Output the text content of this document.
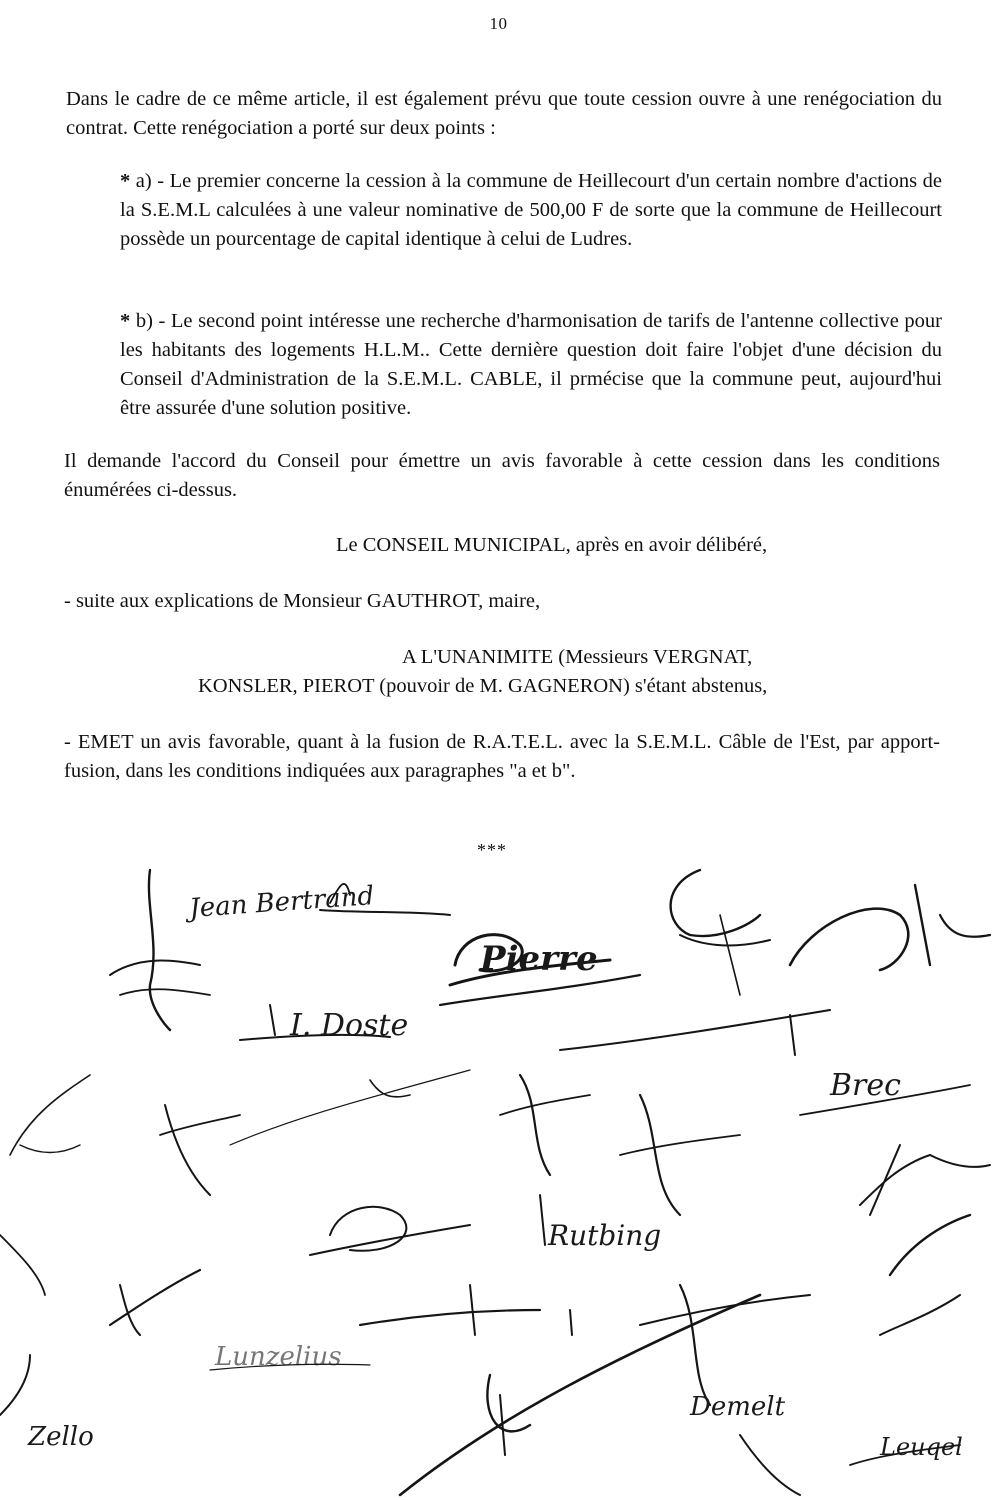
10

Dans le cadre de ce même article, il est également prévu que toute cession ouvre à une renégociation du contrat. Cette renégociation a porté sur deux points :

* a) - Le premier concerne la cession à la commune de Heillecourt d'un certain nombre d'actions de la S.E.M.L calculées à une valeur nominative de 500,00 F de sorte que la commune de Heillecourt possède un pourcentage de capital identique à celui de Ludres.

* b) - Le second point intéresse une recherche d'harmonisation de tarifs de l'antenne collective pour les habitants des logements H.L.M.. Cette dernière question doit faire l'objet d'une décision du Conseil d'Administration de la S.E.M.L. CABLE, il prmécise que la commune peut, aujourd'hui être assurée d'une solution positive.

Il demande l'accord du Conseil pour émettre un avis favorable à cette cession dans les conditions énumérées ci-dessus.

Le CONSEIL MUNICIPAL, après en avoir délibéré,
- suite aux explications de Monsieur GAUTHROT, maire,
A L'UNANIMITE (Messieurs VERGNAT,
KONSLER, PIEROT (pouvoir de M. GAGNERON) s'étant abstenus,

- EMET un avis favorable, quant à la fusion de R.A.T.E.L. avec la S.E.M.L. Câble de l'Est, par apport-fusion, dans les conditions indiquées aux paragraphes "a et b".

***
Jean Bertrand
Pierre
I. Doste
Brec
Rutbing
Lunzelius
Demelt
Zello	Leuqel
